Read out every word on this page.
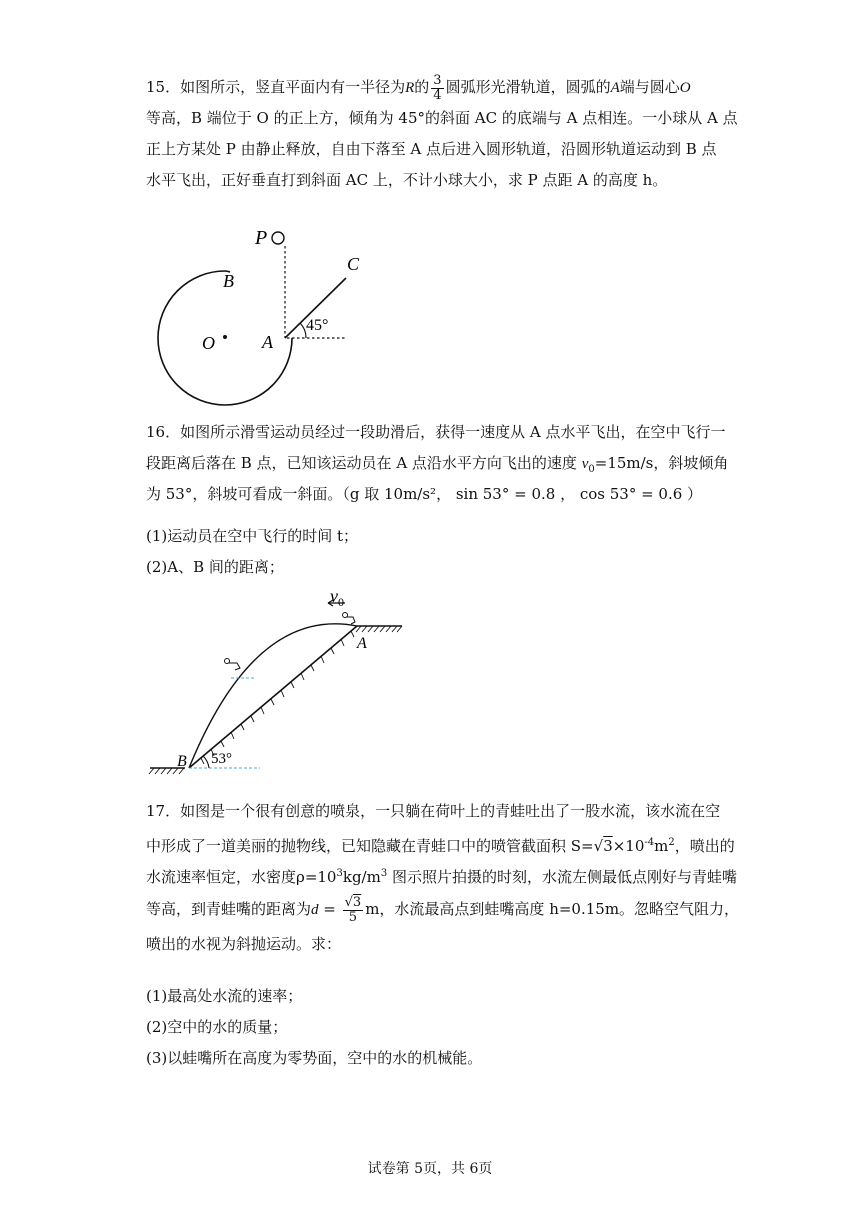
15．如图所示，竖直平面内有一半径为R的 $\frac{3}{4}$ 圆弧形光滑轨道，圆弧的A端与圆心O
等高，B 端位于 O 的正上方，倾角为 45°的斜面 AC 的底端与 A 点相连。一小球从 A 点
正上方某处 P 由静止释放，自由下落至 A 点后进入圆形轨道，沿圆形轨道运动到 B 点
水平飞出，正好垂直打到斜面 AC 上，不计小球大小，求 P 点距 A 的高度 h。
P
B
C
O	A
45°
16．如图所示滑雪运动员经过一段助滑后，获得一速度从 A 点水平飞出，在空中飞行一
段距离后落在 B 点，已知该运动员在 A 点沿水平方向飞出的速度 $v_0=15m/s$，斜坡倾角
为 53°，斜坡可看成一斜面。（g 取 10m/s²， sin 53° = 0.8 ， cos 53° = 0.6 ）
(1)运动员在空中飞行的时间 t；
(2)A、B 间的距离；
$v_0$
A
B 53°
17．如图是一个很有创意的喷泉，一只躺在荷叶上的青蛙吐出了一股水流，该水流在空
中形成了一道美丽的抛物线，已知隐藏在青蛙口中的喷管截面积 $S=√3\times 10^{-4}m^2$，喷出的
水流速率恒定，水密度$\rho=10^3kg/m^3$ 图示照片拍摄的时刻，水流左侧最低点刚好与青蛙嘴
等高，到青蛙嘴的距离为$d = \frac{√3}{5}$ m，水流最高点到蛙嘴高度 h=0.15m。忽略空气阻力，
喷出的水视为斜抛运动。求：
(1)最高处水流的速率；
(2)空中的水的质量；
(3)以蛙嘴所在高度为零势面，空中的水的机械能。
试卷第 5页，共 6页
